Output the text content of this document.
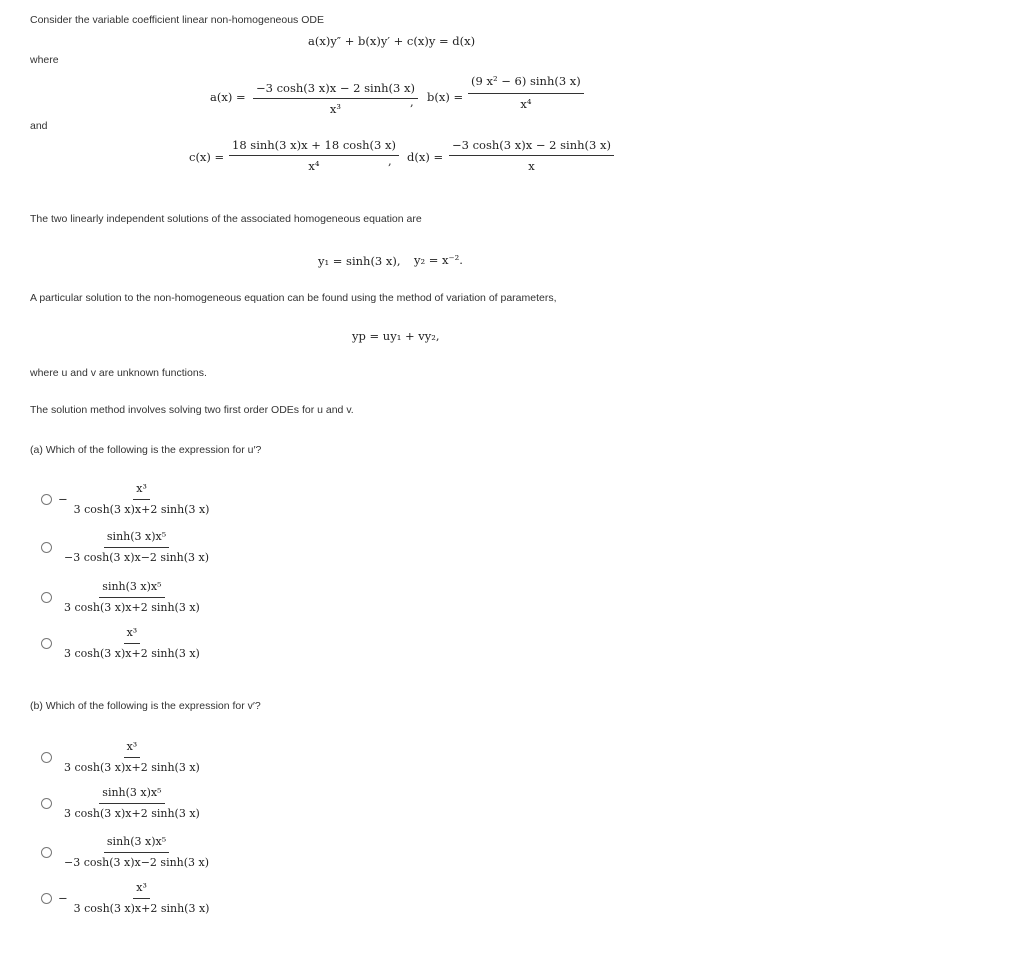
Consider the variable coefficient linear non-homogeneous ODE
a(x)y″ + b(x)y′ + c(x)y = d(x)
where
$a(x) = \frac{-3 \cosh(3 x)x - 2 \sinh(3 x)}{\text{x³}}$
, $b(x) = \frac{\text{(9 x² − 6) sinh(3 x)}}{\text{x⁴}}$
and
$c(x) = \frac{18 \sinh(3 x)x + 18 \cosh(3 x)}{\text{x⁴}}$
, $d(x) = \frac{-3 \cosh(3 x)x - 2 \sinh(3 x)}{x}$
The two linearly independent solutions of the associated homogeneous equation are
y₁ = sinh(3 x), y₂ = x⁻².
A particular solution to the non-homogeneous equation can be found using the method of variation of parameters,
yp = uy₁ + vy₂,
where u and v are unknown functions.
The solution method involves solving two first order ODEs for u and v.
(a) Which of the following is the expression for u′?
− $\frac{\text{x³}}{3 \cosh(3 x)x+2 \sinh(3 x)}$
$\frac{\text{sinh(3 x)x⁵}}{-3 \cosh(3 x)x-2 \sinh(3 x)}$
$\frac{\text{sinh(3 x)x⁵}}{3 \cosh(3 x)x+2 \sinh(3 x)}$
$\frac{\text{x³}}{3 \cosh(3 x)x+2 \sinh(3 x)}$
(b) Which of the following is the expression for v′?
$\frac{\text{x³}}{3 \cosh(3 x)x+2 \sinh(3 x)}$
$\frac{\text{sinh(3 x)x⁵}}{3 \cosh(3 x)x+2 \sinh(3 x)}$
$\frac{\text{sinh(3 x)x⁵}}{-3 \cosh(3 x)x-2 \sinh(3 x)}$
− $\frac{\text{x³}}{3 \cosh(3 x)x+2 \sinh(3 x)}$
